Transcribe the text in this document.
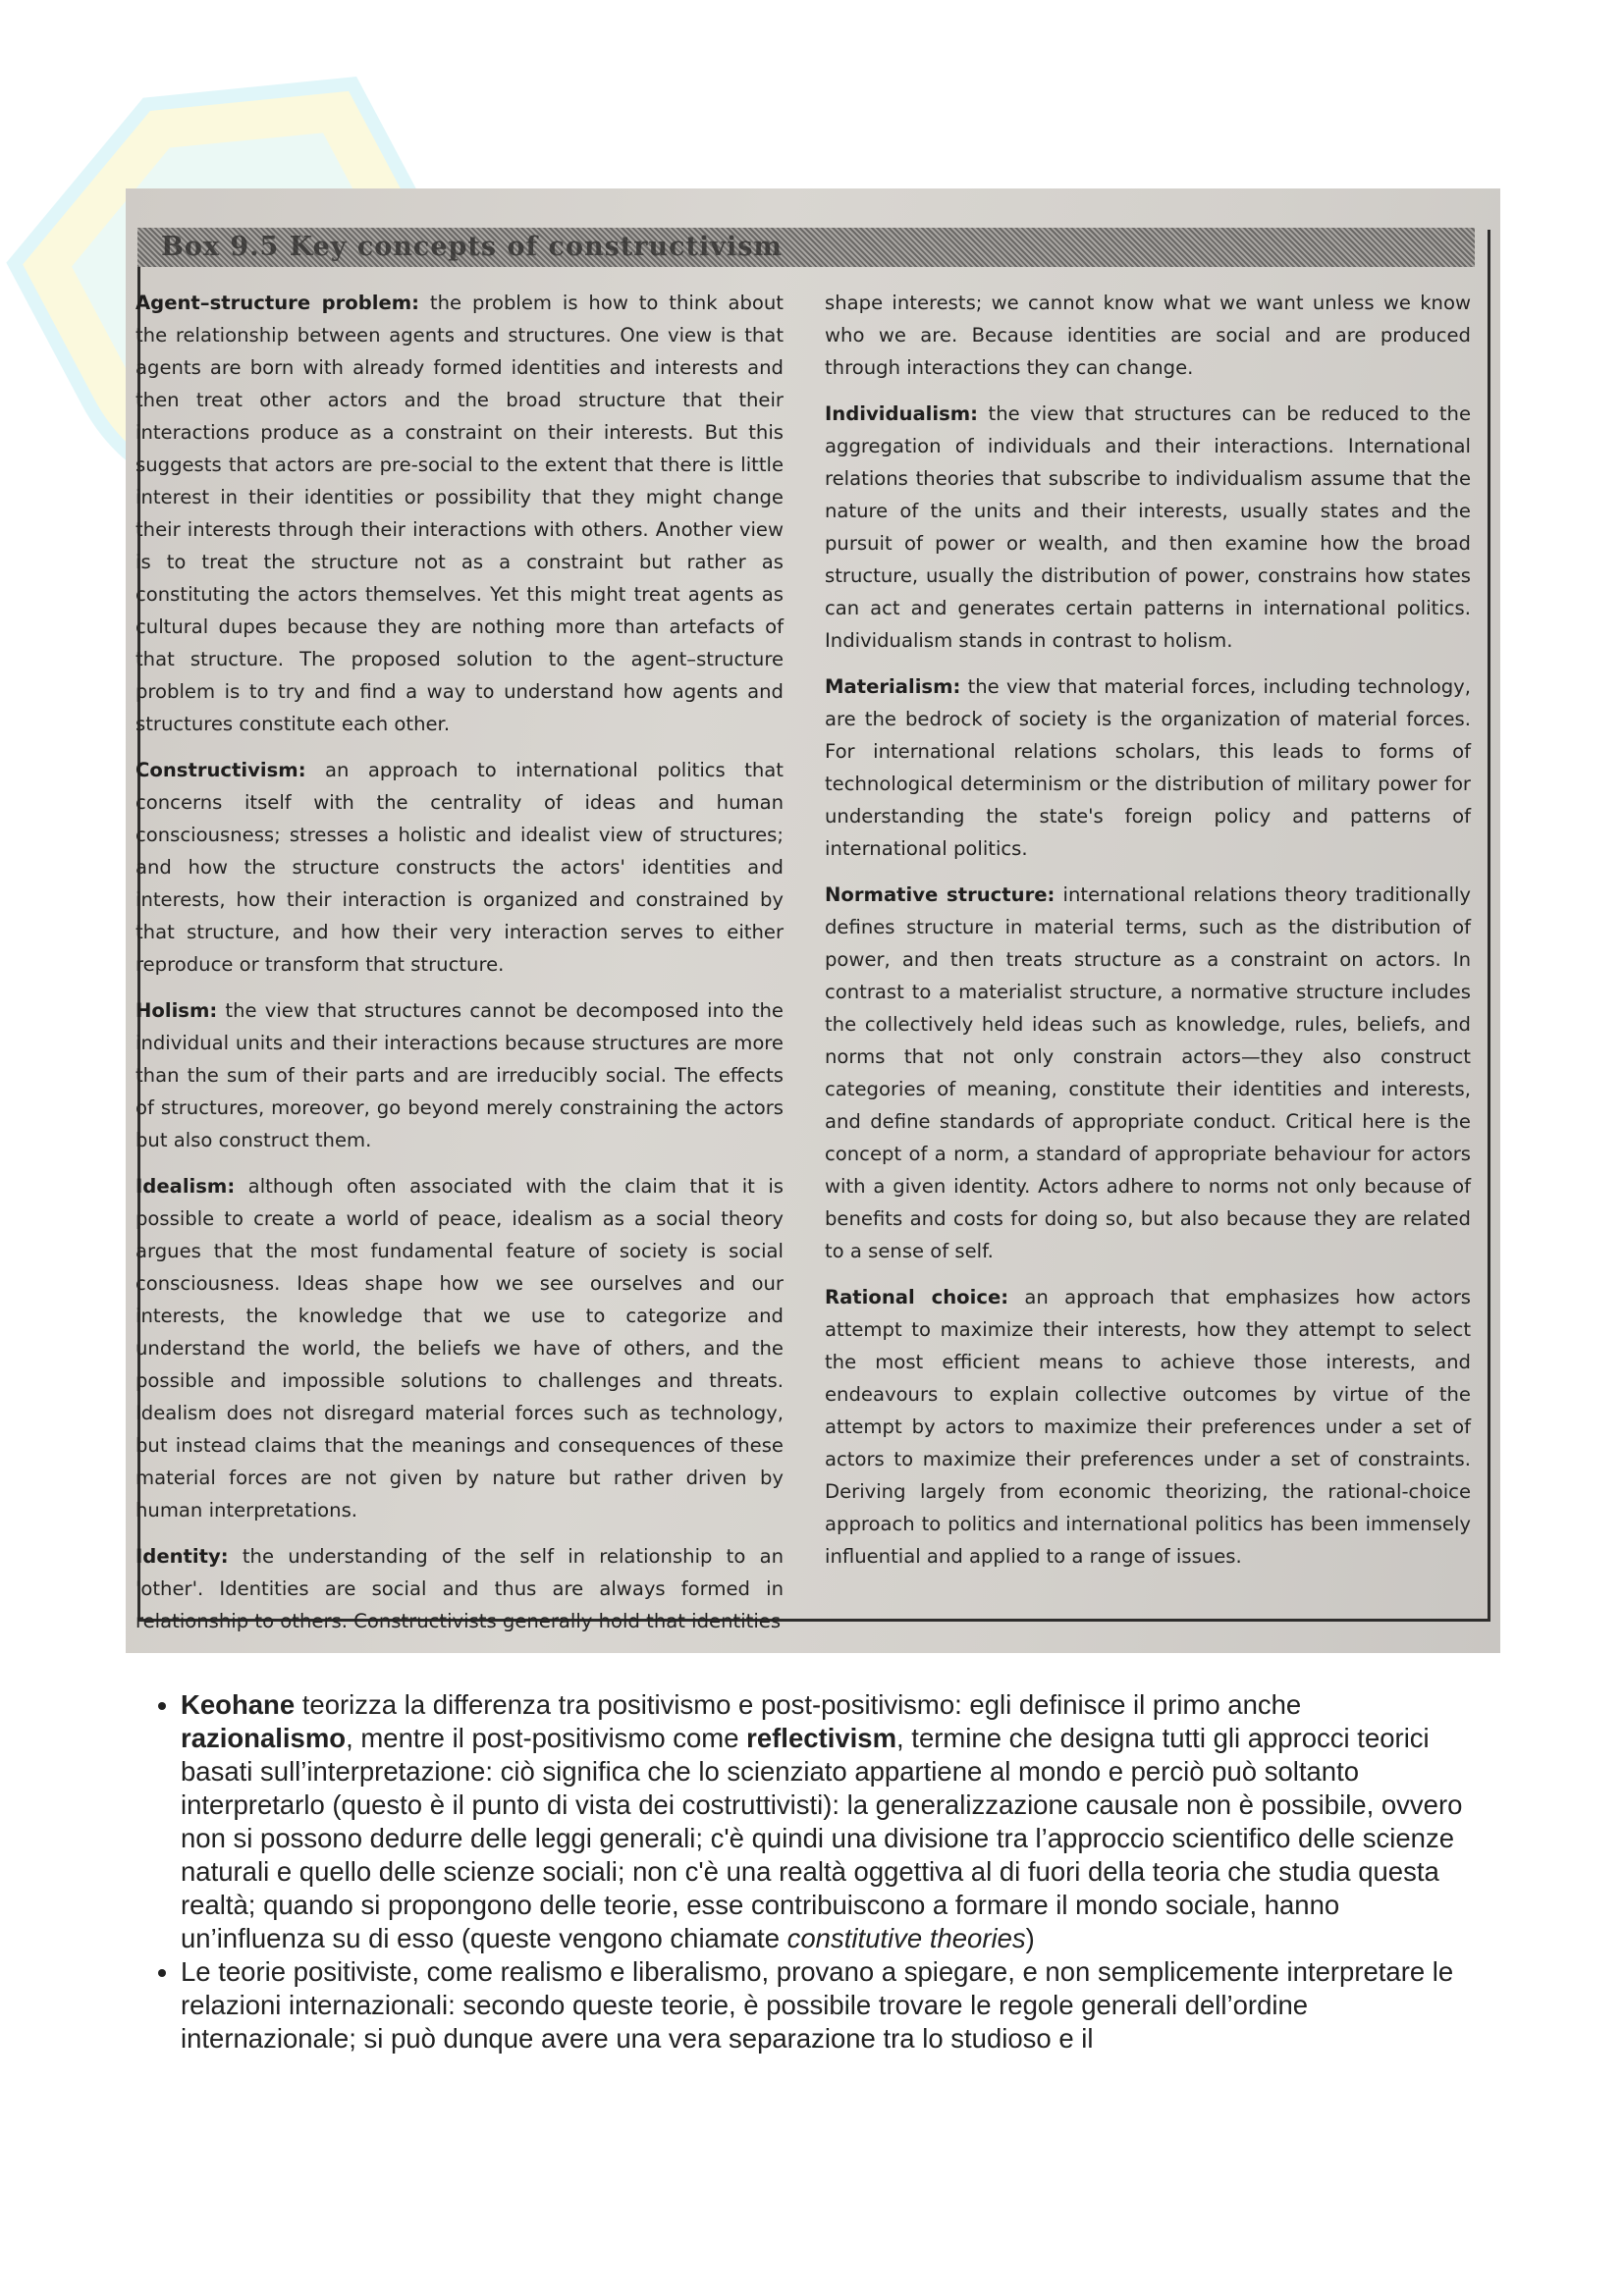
Box 9.5 Key concepts of constructivism

Agent–structure problem: the problem is how to think about the relationship between agents and structures. One view is that agents are born with already formed identities and interests and then treat other actors and the broad structure that their interactions produce as a constraint on their interests. But this suggests that actors are pre-social to the extent that there is little interest in their identities or possibility that they might change their interests through their interactions with others. Another view is to treat the structure not as a constraint but rather as constituting the actors themselves. Yet this might treat agents as cultural dupes because they are nothing more than artefacts of that structure. The proposed solution to the agent–structure problem is to try and find a way to understand how agents and structures constitute each other.

Constructivism: an approach to international politics that concerns itself with the centrality of ideas and human consciousness; stresses a holistic and idealist view of structures; and how the structure constructs the actors' identities and interests, how their interaction is organized and constrained by that structure, and how their very interaction serves to either reproduce or transform that structure.

Holism: the view that structures cannot be decomposed into the individual units and their interactions because structures are more than the sum of their parts and are irreducibly social. The effects of structures, moreover, go beyond merely constraining the actors but also construct them.

Idealism: although often associated with the claim that it is possible to create a world of peace, idealism as a social theory argues that the most fundamental feature of society is social consciousness. Ideas shape how we see ourselves and our interests, the knowledge that we use to categorize and understand the world, the beliefs we have of others, and the possible and impossible solutions to challenges and threats. Idealism does not disregard material forces such as technology, but instead claims that the meanings and consequences of these material forces are not given by nature but rather driven by human interpretations.

Identity: the understanding of the self in relationship to an 'other'. Identities are social and thus are always formed in relationship to others. Constructivists generally hold that identities

shape interests; we cannot know what we want unless we know who we are. Because identities are social and are produced through interactions they can change.

Individualism: the view that structures can be reduced to the aggregation of individuals and their interactions. International relations theories that subscribe to individualism assume that the nature of the units and their interests, usually states and the pursuit of power or wealth, and then examine how the broad structure, usually the distribution of power, constrains how states can act and generates certain patterns in international politics. Individualism stands in contrast to holism.

Materialism: the view that material forces, including technology, are the bedrock of society is the organization of material forces. For international relations scholars, this leads to forms of technological determinism or the distribution of military power for understanding the state's foreign policy and patterns of international politics.

Normative structure: international relations theory traditionally defines structure in material terms, such as the distribution of power, and then treats structure as a constraint on actors. In contrast to a materialist structure, a normative structure includes the collectively held ideas such as knowledge, rules, beliefs, and norms that not only constrain actors—they also construct categories of meaning, constitute their identities and interests, and define standards of appropriate conduct. Critical here is the concept of a norm, a standard of appropriate behaviour for actors with a given identity. Actors adhere to norms not only because of benefits and costs for doing so, but also because they are related to a sense of self.

Rational choice: an approach that emphasizes how actors attempt to maximize their interests, how they attempt to select the most efficient means to achieve those interests, and endeavours to explain collective outcomes by virtue of the attempt by actors to maximize their preferences under a set of actors to maximize their preferences under a set of constraints. Deriving largely from economic theorizing, the rational-choice approach to politics and international politics has been immensely influential and applied to a range of issues.

• Keohane teorizza la differenza tra positivismo e post-positivismo: egli definisce il primo anche razionalismo, mentre il post-positivismo come reflectivism, termine che designa tutti gli approcci teorici basati sull’interpretazione: ciò significa che lo scienziato appartiene al mondo e perciò può soltanto interpretarlo (questo è il punto di vista dei costruttivisti): la generalizzazione causale non è possibile, ovvero non si possono dedurre delle leggi generali; c'è quindi una divisione tra l’approccio scientifico delle scienze naturali e quello delle scienze sociali; non c'è una realtà oggettiva al di fuori della teoria che studia questa realtà; quando si propongono delle teorie, esse contribuiscono a formare il mondo sociale, hanno un’influenza su di esso (queste vengono chiamate constitutive theories)
• Le teorie positiviste, come realismo e liberalismo, provano a spiegare, e non semplicemente interpretare le relazioni internazionali: secondo queste teorie, è possibile trovare le regole generali dell’ordine internazionale; si può dunque avere una vera separazione tra lo studioso e il
